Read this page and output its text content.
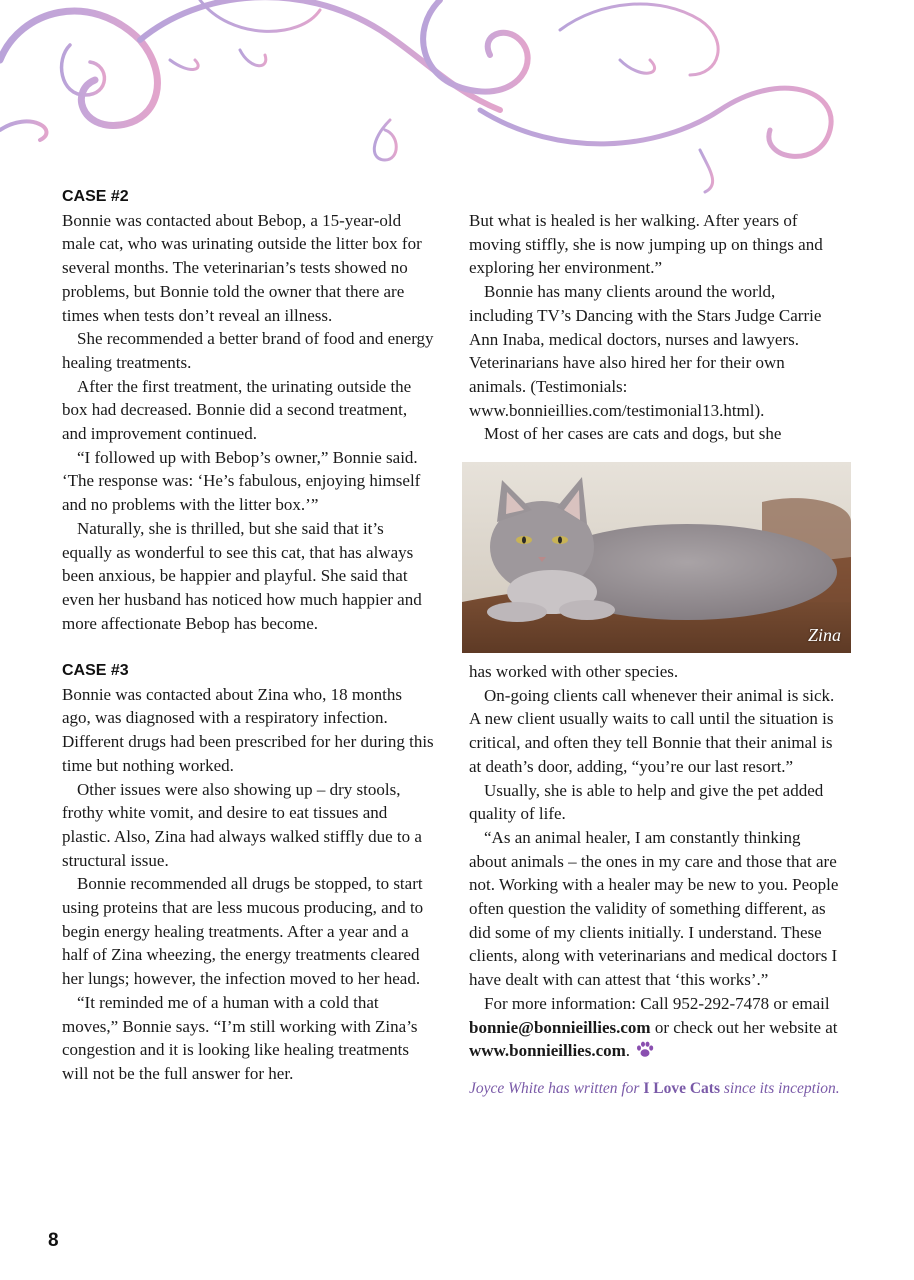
CASE #2

Bonnie was contacted about Bebop, a 15-year-old male cat, who was urinating outside the litter box for several months. The veterinarian’s tests showed no problems, but Bonnie told the owner that there are times when tests don’t reveal an illness.

She recommended a better brand of food and energy healing treatments.

After the first treatment, the urinating outside the box had decreased. Bonnie did a second treatment, and improvement continued.

“I followed up with Bebop’s owner,” Bonnie said. ‘The response was: ‘He’s fabulous, enjoying himself and no problems with the litter box.’”

Naturally, she is thrilled, but she said that it’s equally as wonderful to see this cat, that has always been anxious, be happier and playful. She said that even her husband has noticed how much happier and more affectionate Bebop has become.

CASE #3

Bonnie was contacted about Zina who, 18 months ago, was diagnosed with a respiratory infection. Different drugs had been prescribed for her during this time but nothing worked.

Other issues were also showing up – dry stools, frothy white vomit, and desire to eat tissues and plastic. Also, Zina had always walked stiffly due to a structural issue.

Bonnie recommended all drugs be stopped, to start using proteins that are less mucous producing, and to begin energy healing treatments. After a year and a half of Zina wheezing, the energy treatments cleared her lungs; however, the infection moved to her head.

“It reminded me of a human with a cold that moves,” Bonnie says. “I’m still working with Zina’s congestion and it is looking like healing treatments will not be the full answer for her.

But what is healed is her walking. After years of moving stiffly, she is now jumping up on things and exploring her environment.”

Bonnie has many clients around the world, including TV’s Dancing with the Stars Judge Carrie Ann Inaba, medical doctors, nurses and lawyers. Veterinarians have also hired her for their own animals. (Testimonials: www.bonnieillies.com/testimonial13.html).

Most of her cases are cats and dogs, but she

Zina

has worked with other species.

On-going clients call whenever their animal is sick. A new client usually waits to call until the situation is critical, and often they tell Bonnie that their animal is at death’s door, adding, “you’re our last resort.”

Usually, she is able to help and give the pet added quality of life.

“As an animal healer, I am constantly thinking about animals – the ones in my care and those that are not. Working with a healer may be new to you. People often question the validity of something different, as did some of my clients initially. I understand. These clients, along with veterinarians and medical doctors I have dealt with can attest that ‘this works’.”

For more information: Call 952-292-7478 or email bonnie@bonnieillies.com or check out her website at www.bonnieillies.com.

Joyce White has written for I Love Cats since its inception.
8
